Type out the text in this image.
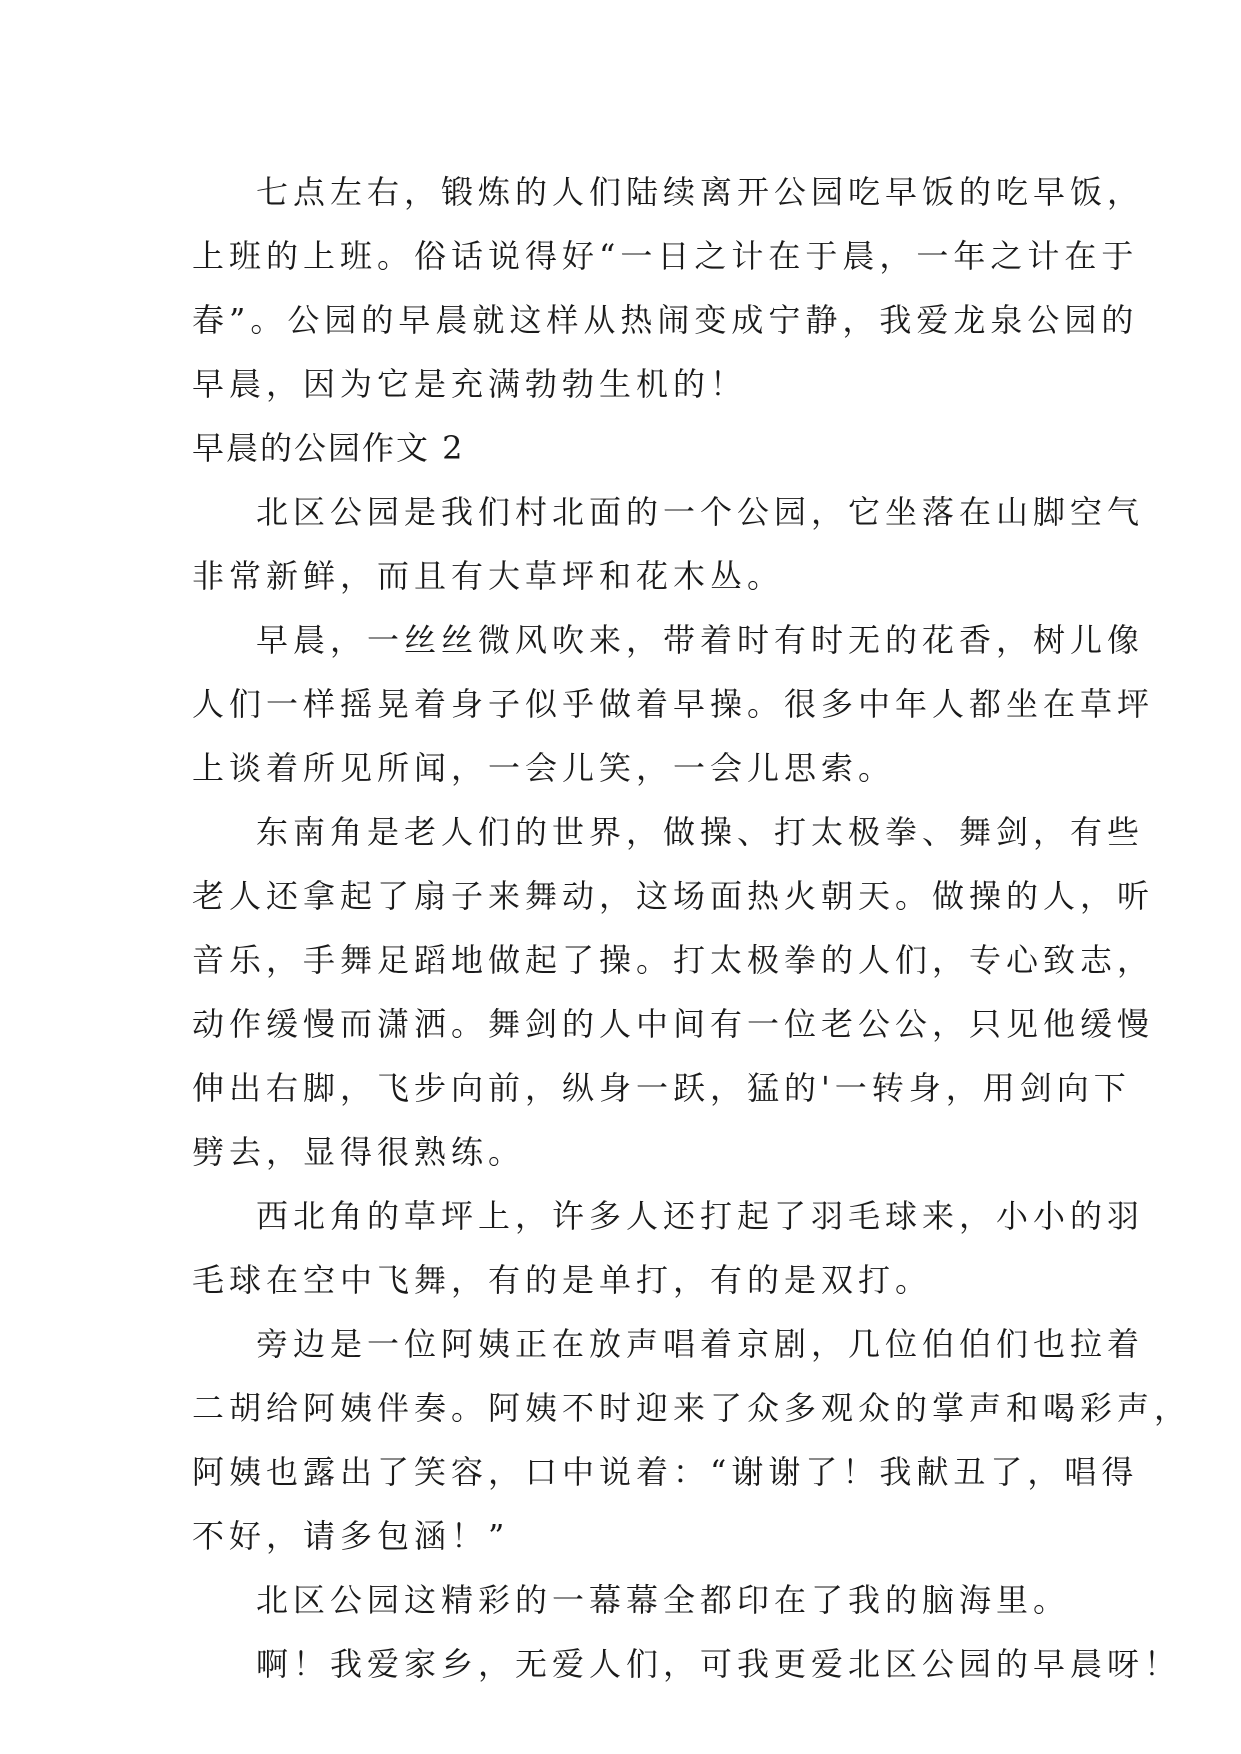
七点左右，锻炼的人们陆续离开公园吃早饭的吃早饭，
上班的上班。俗话说得好“一日之计在于晨，一年之计在于
春”。公园的早晨就这样从热闹变成宁静，我爱龙泉公园的
早晨，因为它是充满勃勃生机的！
早晨的公园作文 2
北区公园是我们村北面的一个公园，它坐落在山脚空气
非常新鲜，而且有大草坪和花木丛。
早晨，一丝丝微风吹来，带着时有时无的花香，树儿像
人们一样摇晃着身子似乎做着早操。很多中年人都坐在草坪
上谈着所见所闻，一会儿笑，一会儿思索。
东南角是老人们的世界，做操、打太极拳、舞剑，有些
老人还拿起了扇子来舞动，这场面热火朝天。做操的人，听
音乐，手舞足蹈地做起了操。打太极拳的人们，专心致志，
动作缓慢而潇洒。舞剑的人中间有一位老公公，只见他缓慢
伸出右脚，飞步向前，纵身一跃，猛的'一转身，用剑向下
劈去，显得很熟练。
西北角的草坪上，许多人还打起了羽毛球来，小小的羽
毛球在空中飞舞，有的是单打，有的是双打。
旁边是一位阿姨正在放声唱着京剧，几位伯伯们也拉着
二胡给阿姨伴奏。阿姨不时迎来了众多观众的掌声和喝彩声，
阿姨也露出了笑容，口中说着：“谢谢了！我献丑了，唱得
不好，请多包涵！”
北区公园这精彩的一幕幕全都印在了我的脑海里。
啊！我爱家乡，无爱人们，可我更爱北区公园的早晨呀！
